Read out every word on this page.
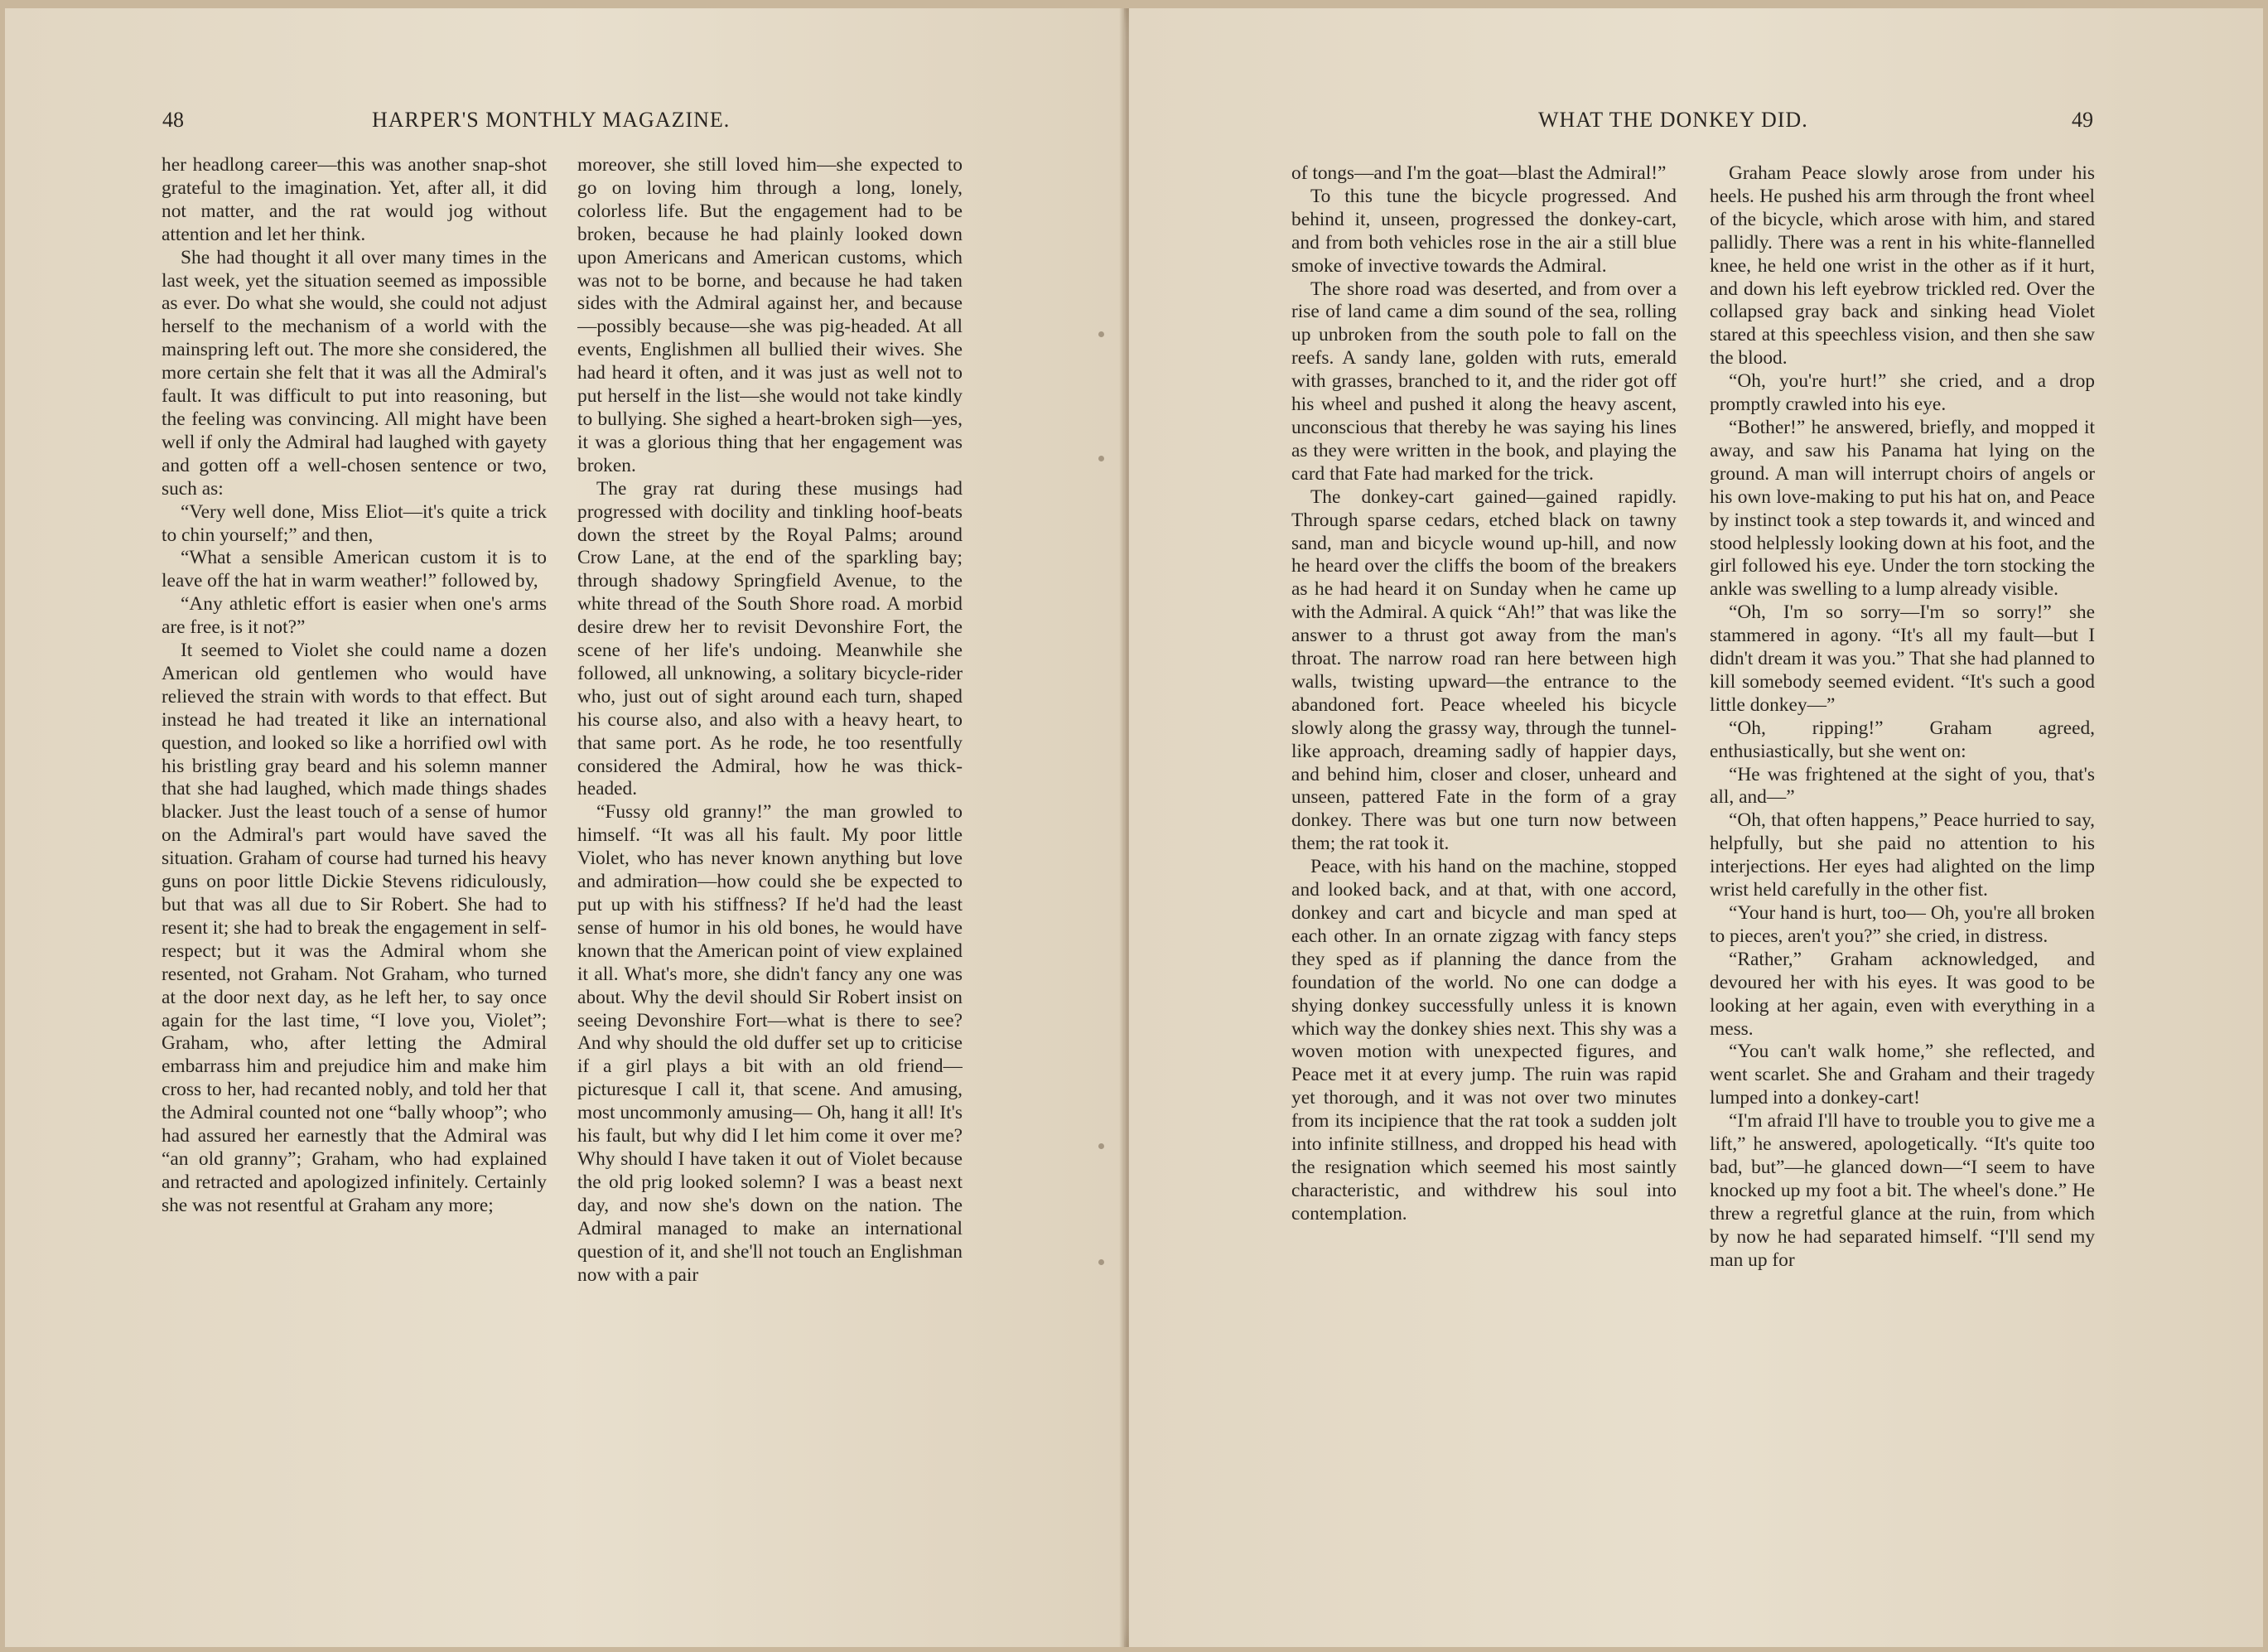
48	HARPER'S MONTHLY MAGAZINE.

her headlong career—this was another snap-shot grateful to the imagination. Yet, after all, it did not matter, and the rat would jog without attention and let her think.

She had thought it all over many times in the last week, yet the situation seemed as impossible as ever. Do what she would, she could not adjust herself to the mechanism of a world with the mainspring left out. The more she considered, the more certain she felt that it was all the Admiral's fault. It was difficult to put into reasoning, but the feeling was convincing. All might have been well if only the Admiral had laughed with gayety and gotten off a well-chosen sentence or two, such as:

“Very well done, Miss Eliot—it's quite a trick to chin yourself;” and then,

“What a sensible American custom it is to leave off the hat in warm weather!” followed by,

“Any athletic effort is easier when one's arms are free, is it not?”

It seemed to Violet she could name a dozen American old gentlemen who would have relieved the strain with words to that effect. But instead he had treated it like an international question, and looked so like a horrified owl with his bristling gray beard and his solemn manner that she had laughed, which made things shades blacker. Just the least touch of a sense of humor on the Admiral's part would have saved the situation. Graham of course had turned his heavy guns on poor little Dickie Stevens ridiculously, but that was all due to Sir Robert. She had to resent it; she had to break the engagement in self-respect; but it was the Admiral whom she resented, not Graham. Not Graham, who turned at the door next day, as he left her, to say once again for the last time, “I love you, Violet”; Graham, who, after letting the Admiral embarrass him and prejudice him and make him cross to her, had recanted nobly, and told her that the Admiral counted not one “bally whoop”; who had assured her earnestly that the Admiral was “an old granny”; Graham, who had explained and retracted and apologized infinitely. Certainly she was not resentful at Graham any more;

moreover, she still loved him—she expected to go on loving him through a long, lonely, colorless life. But the engagement had to be broken, because he had plainly looked down upon Americans and American customs, which was not to be borne, and because he had taken sides with the Admiral against her, and because—possibly because—she was pig-headed. At all events, Englishmen all bullied their wives. She had heard it often, and it was just as well not to put herself in the list—she would not take kindly to bullying. She sighed a heart-broken sigh—yes, it was a glorious thing that her engagement was broken.

The gray rat during these musings had progressed with docility and tinkling hoof-beats down the street by the Royal Palms; around Crow Lane, at the end of the sparkling bay; through shadowy Springfield Avenue, to the white thread of the South Shore road. A morbid desire drew her to revisit Devonshire Fort, the scene of her life's undoing. Meanwhile she followed, all unknowing, a solitary bicycle-rider who, just out of sight around each turn, shaped his course also, and also with a heavy heart, to that same port. As he rode, he too resentfully considered the Admiral, how he was thick-headed.

“Fussy old granny!” the man growled to himself. “It was all his fault. My poor little Violet, who has never known anything but love and admiration—how could she be expected to put up with his stiffness? If he'd had the least sense of humor in his old bones, he would have known that the American point of view explained it all. What's more, she didn't fancy any one was about. Why the devil should Sir Robert insist on seeing Devonshire Fort—what is there to see? And why should the old duffer set up to criticise if a girl plays a bit with an old friend—picturesque I call it, that scene. And amusing, most uncommonly amusing— Oh, hang it all! It's his fault, but why did I let him come it over me? Why should I have taken it out of Violet because the old prig looked solemn? I was a beast next day, and now she's down on the nation. The Admiral managed to make an international question of it, and she'll not touch an Englishman now with a pair

WHAT THE DONKEY DID.	49

of tongs—and I'm the goat—blast the Admiral!”

To this tune the bicycle progressed. And behind it, unseen, progressed the donkey-cart, and from both vehicles rose in the air a still blue smoke of invective towards the Admiral.

The shore road was deserted, and from over a rise of land came a dim sound of the sea, rolling up unbroken from the south pole to fall on the reefs. A sandy lane, golden with ruts, emerald with grasses, branched to it, and the rider got off his wheel and pushed it along the heavy ascent, unconscious that thereby he was saying his lines as they were written in the book, and playing the card that Fate had marked for the trick.

The donkey-cart gained—gained rapidly. Through sparse cedars, etched black on tawny sand, man and bicycle wound up-hill, and now he heard over the cliffs the boom of the breakers as he had heard it on Sunday when he came up with the Admiral. A quick “Ah!” that was like the answer to a thrust got away from the man's throat. The narrow road ran here between high walls, twisting upward—the entrance to the abandoned fort. Peace wheeled his bicycle slowly along the grassy way, through the tunnel-like approach, dreaming sadly of happier days, and behind him, closer and closer, unheard and unseen, pattered Fate in the form of a gray donkey. There was but one turn now between them; the rat took it.

Peace, with his hand on the machine, stopped and looked back, and at that, with one accord, donkey and cart and bicycle and man sped at each other. In an ornate zigzag with fancy steps they sped as if planning the dance from the foundation of the world. No one can dodge a shying donkey successfully unless it is known which way the donkey shies next. This shy was a woven motion with unexpected figures, and Peace met it at every jump. The ruin was rapid yet thorough, and it was not over two minutes from its incipience that the rat took a sudden jolt into infinite stillness, and dropped his head with the resignation which seemed his most saintly characteristic, and withdrew his soul into contemplation.

Graham Peace slowly arose from under his heels. He pushed his arm through the front wheel of the bicycle, which arose with him, and stared pallidly. There was a rent in his white-flannelled knee, he held one wrist in the other as if it hurt, and down his left eyebrow trickled red. Over the collapsed gray back and sinking head Violet stared at this speechless vision, and then she saw the blood.

“Oh, you're hurt!” she cried, and a drop promptly crawled into his eye.

“Bother!” he answered, briefly, and mopped it away, and saw his Panama hat lying on the ground. A man will interrupt choirs of angels or his own love-making to put his hat on, and Peace by instinct took a step towards it, and winced and stood helplessly looking down at his foot, and the girl followed his eye. Under the torn stocking the ankle was swelling to a lump already visible.

“Oh, I'm so sorry—I'm so sorry!” she stammered in agony. “It's all my fault—but I didn't dream it was you.” That she had planned to kill somebody seemed evident. “It's such a good little donkey—”

“Oh, ripping!” Graham agreed, enthusiastically, but she went on:

“He was frightened at the sight of you, that's all, and—”

“Oh, that often happens,” Peace hurried to say, helpfully, but she paid no attention to his interjections. Her eyes had alighted on the limp wrist held carefully in the other fist.

“Your hand is hurt, too— Oh, you're all broken to pieces, aren't you?” she cried, in distress.

“Rather,” Graham acknowledged, and devoured her with his eyes. It was good to be looking at her again, even with everything in a mess.

“You can't walk home,” she reflected, and went scarlet. She and Graham and their tragedy lumped into a donkey-cart!

“I'm afraid I'll have to trouble you to give me a lift,” he answered, apologetically. “It's quite too bad, but”—he glanced down—“I seem to have knocked up my foot a bit. The wheel's done.” He threw a regretful glance at the ruin, from which by now he had separated himself. “I'll send my man up for
